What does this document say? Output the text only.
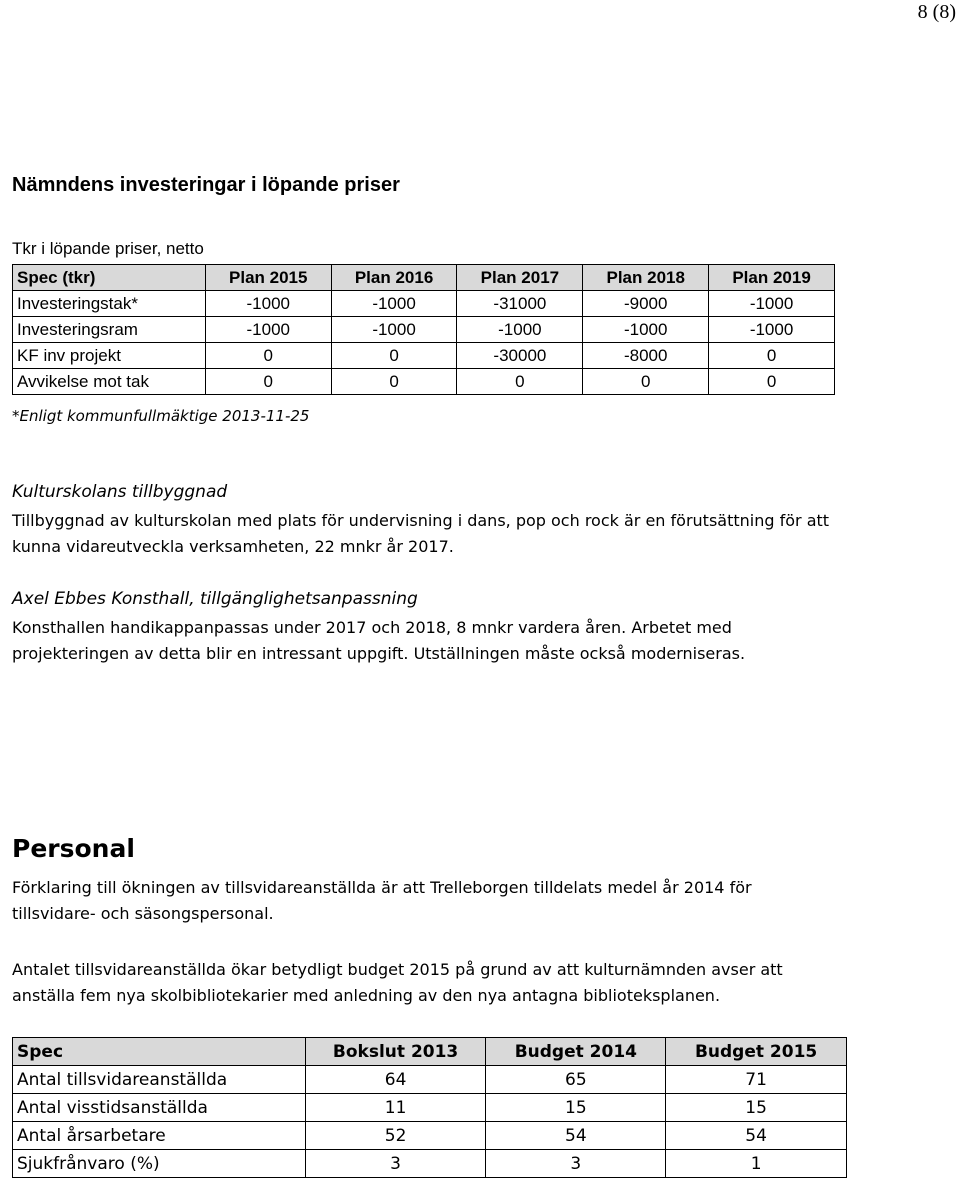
8 (8)
Nämndens investeringar i löpande priser
Tkr i löpande priser, netto
Spec (tkr)	Plan 2015	Plan 2016	Plan 2017	Plan 2018	Plan 2019
Investeringstak*	-1000	-1000	-31000	-9000	-1000
Investeringsram	-1000	-1000	-1000	-1000	-1000
KF inv projekt	0	0	-30000	-8000	0
Avvikelse mot tak	0	0	0	0	0
*Enligt kommunfullmäktige 2013-11-25
Kulturskolans tillbyggnad

Tillbyggnad av kulturskolan med plats för undervisning i dans, pop och rock är en förutsättning för att kunna vidareutveckla verksamheten, 22 mnkr år 2017.

Axel Ebbes Konsthall, tillgänglighetsanpassning

Konsthallen handikappanpassas under 2017 och 2018, 8 mnkr vardera åren. Arbetet med projekteringen av detta blir en intressant uppgift. Utställningen måste också moderniseras.

Personal

Förklaring till ökningen av tillsvidareanställda är att Trelleborgen tilldelats medel år 2014 för tillsvidare- och säsongspersonal.

Antalet tillsvidareanställda ökar betydligt budget 2015 på grund av att kulturnämnden avser att anställa fem nya skolbibliotekarier med anledning av den nya antagna biblioteksplanen.

Spec	Bokslut 2013	Budget 2014	Budget 2015
Antal tillsvidareanställda	64	65	71
Antal visstidsanställda	11	15	15
Antal årsarbetare	52	54	54
Sjukfrånvaro (%)	3	3	1
